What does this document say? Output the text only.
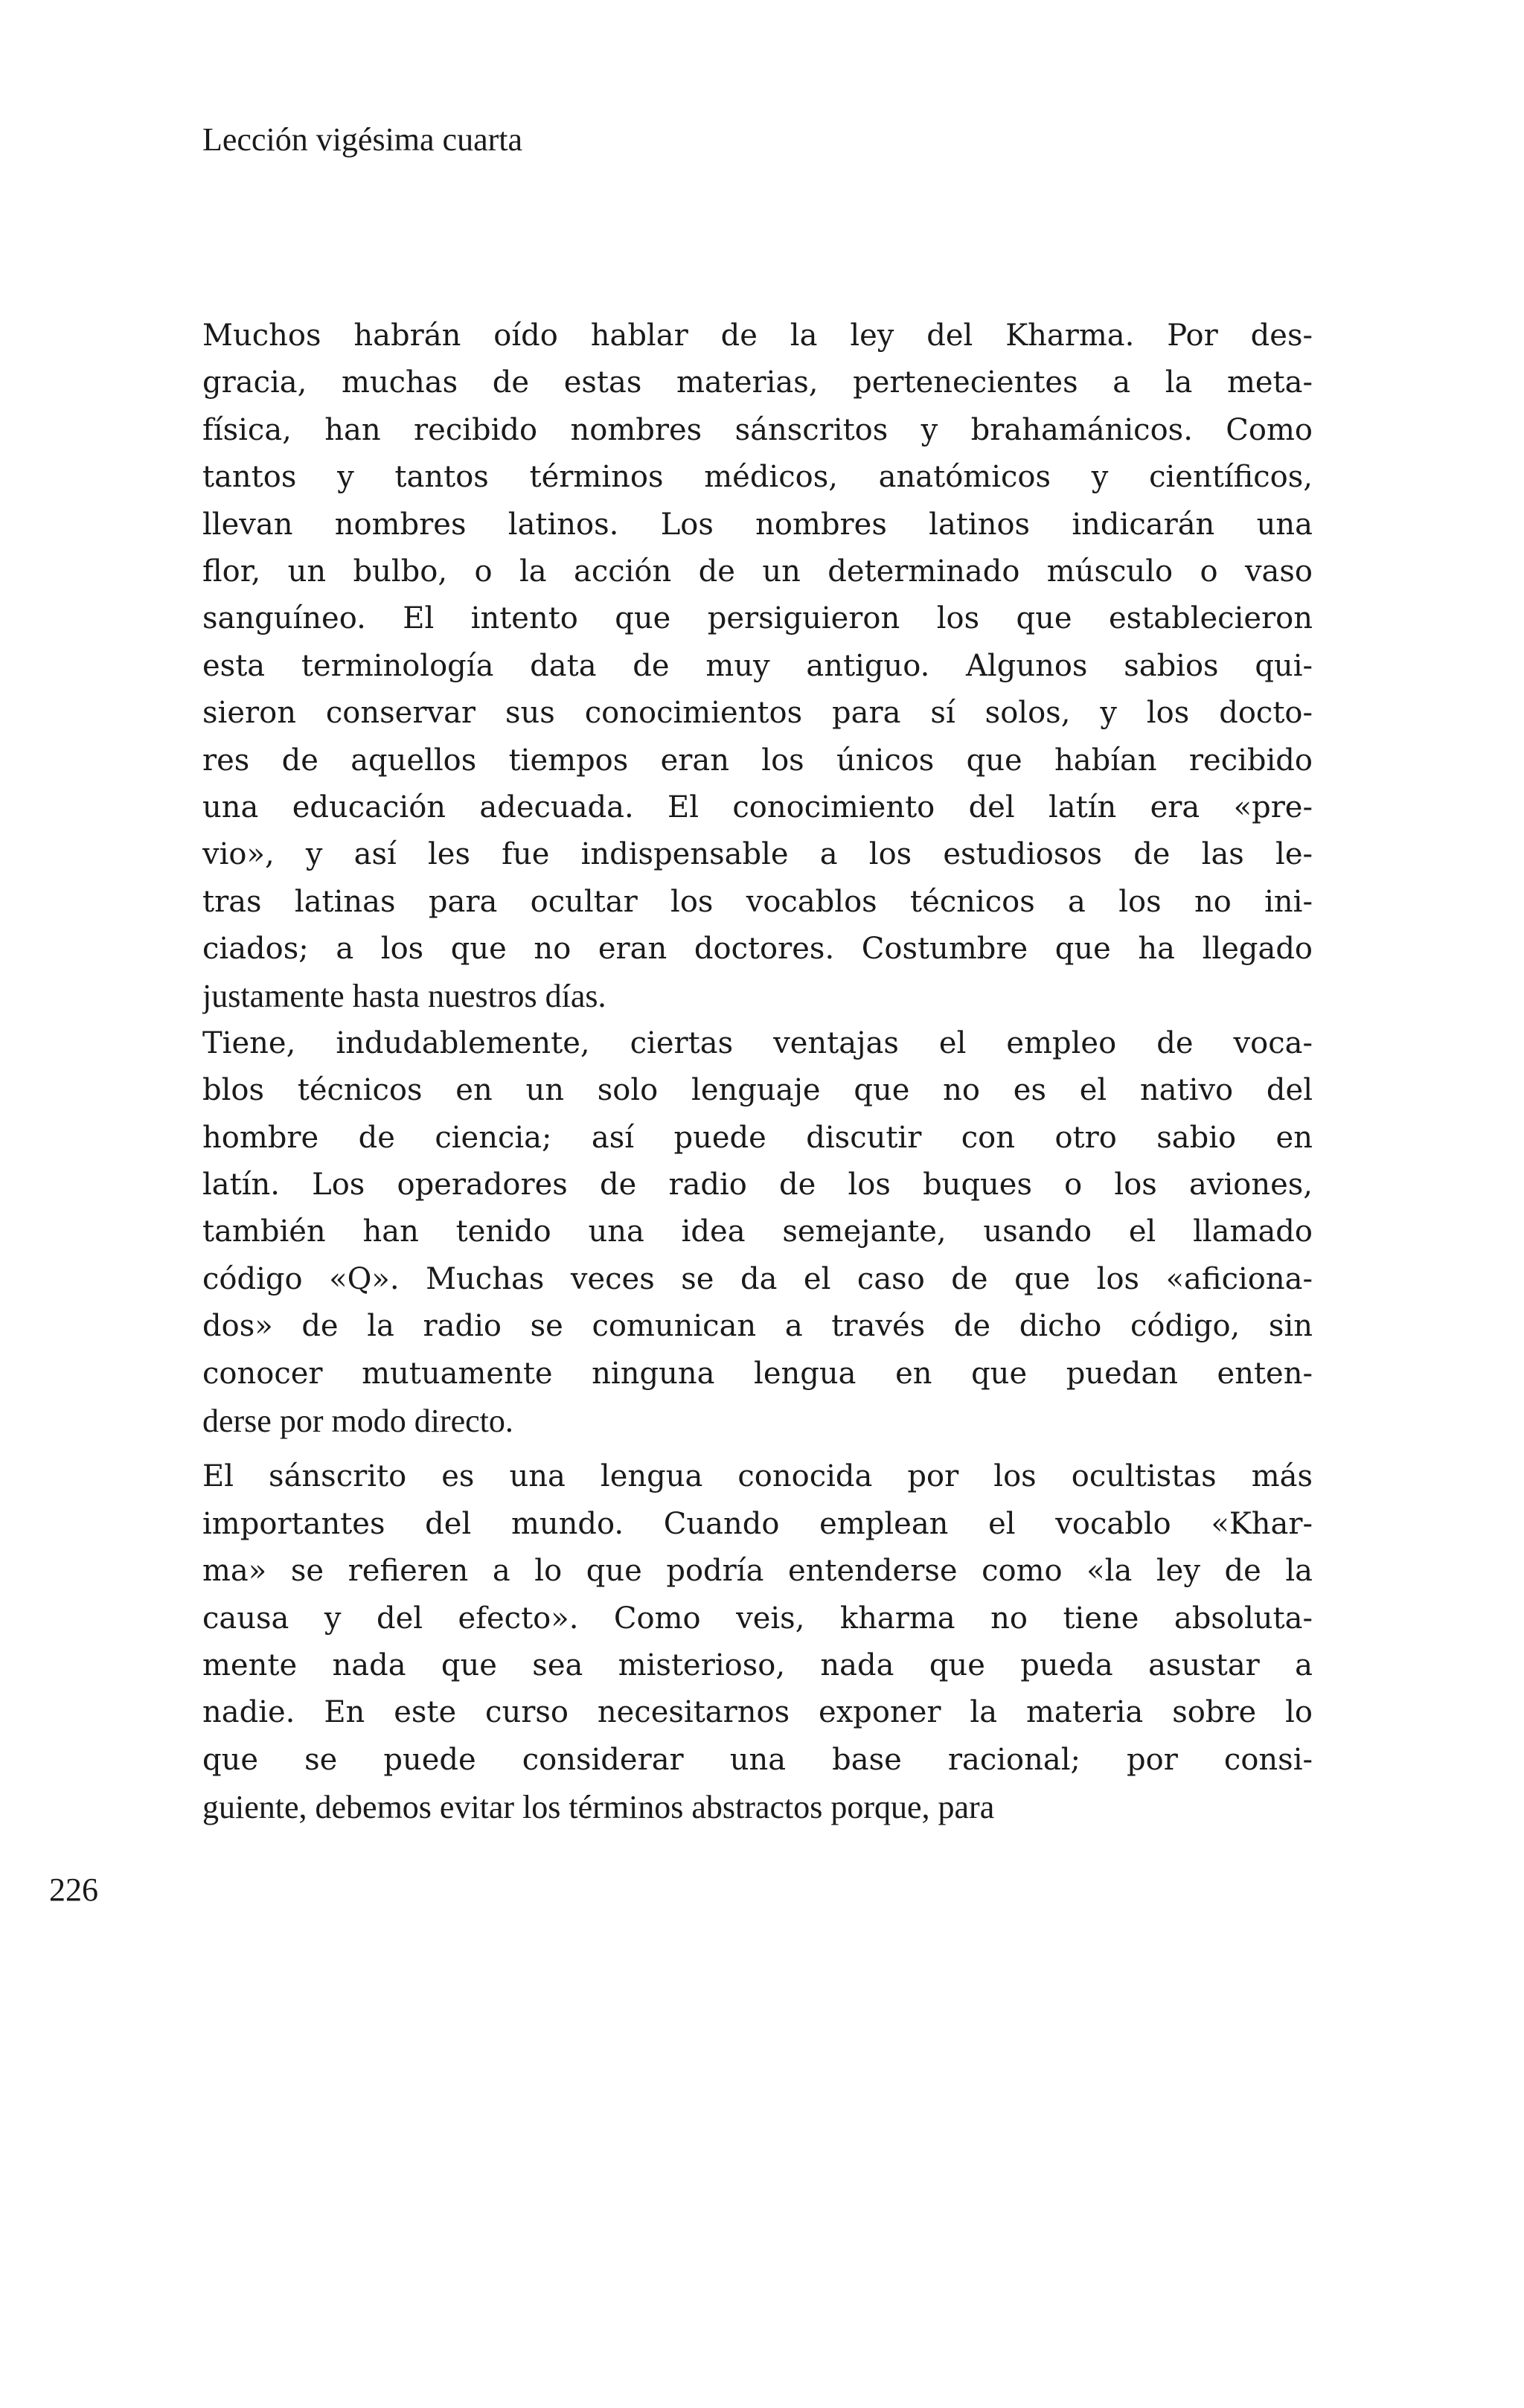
Lección vigésima cuarta
Muchos habrán oído hablar de la ley del Kharma. Por des-
gracia, muchas de estas materias, pertenecientes a la meta-
física, han recibido nombres sánscritos y brahamánicos. Como
tantos y tantos términos médicos, anatómicos y científicos,
llevan nombres latinos. Los nombres latinos indicarán una
flor, un bulbo, o la acción de un determinado músculo o vaso
sanguíneo. El intento que persiguieron los que establecieron
esta terminología data de muy antiguo. Algunos sabios qui-
sieron conservar sus conocimientos para sí solos, y los docto-
res de aquellos tiempos eran los únicos que habían recibido
una educación adecuada. El conocimiento del latín era «pre-
vio», y así les fue indispensable a los estudiosos de las le-
tras latinas para ocultar los vocablos técnicos a los no ini-
ciados; a los que no eran doctores. Costumbre que ha llegado
justamente hasta nuestros días.
Tiene, indudablemente, ciertas ventajas el empleo de voca-
blos técnicos en un solo lenguaje que no es el nativo del
hombre de ciencia; así puede discutir con otro sabio en
latín. Los operadores de radio de los buques o los aviones,
también han tenido una idea semejante, usando el llamado
código «Q». Muchas veces se da el caso de que los «aficiona-
dos» de la radio se comunican a través de dicho código, sin
conocer mutuamente ninguna lengua en que puedan enten-
derse por modo directo.
El sánscrito es una lengua conocida por los ocultistas más
importantes del mundo. Cuando emplean el vocablo «Khar-
ma» se refieren a lo que podría entenderse como «la ley de la
causa y del efecto». Como veis, kharma no tiene absoluta-
mente nada que sea misterioso, nada que pueda asustar a
nadie. En este curso necesitarnos exponer la materia sobre lo
que se puede considerar una base racional; por consi-
guiente, debemos evitar los términos abstractos porque, para
226
